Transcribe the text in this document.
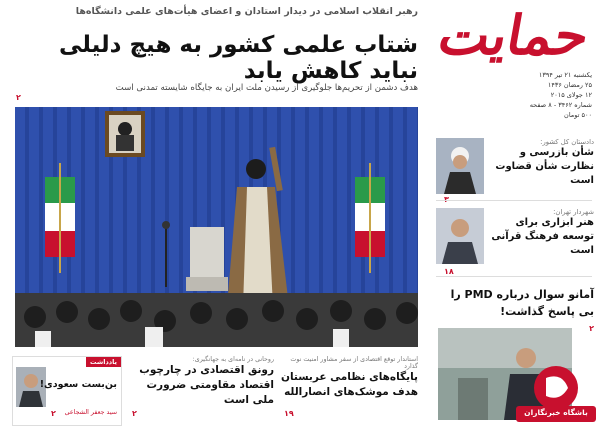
حمایت
یکشنبه ۲۱ تیر ۱۳۹۴
۲۵ رمضان ۱۴۳۶
۱۲ جولای ۲۰۱۵
شماره ۳۴۶۲ - ۸ صفحه
۵۰۰ تومان
رهبر انقلاب اسلامی در دیدار استادان و اعضای هیأت‌های علمی دانشگاه‌ها
شتاب علمی کشور به هیچ دلیلی نباید کاهش یابد
هدف دشمن از تحریم‌ها جلوگیری از رسیدن ملت ایران به جایگاه شایسته تمدنی است
۲
دادستان کل کشور:
شأن بازرسی و نظارت شأن قضاوت است
شهردار تهران:
هنر ابزاری برای توسعه فرهنگ قرآنی است
۱۸
آمانو سوال درباره PMD را بی پاسخ گذاشت!
۲
استاندار توقع اقتصادی از سفر مشاور امنیت نوت گذارد
پایگاه‌های نظامی عربستان هدف موشک‌های انصارالله
۱۹
روحانی در نامه‌ای به جهانگیری:
رونق اقتصادی در چارچوب اقتصاد مقاومتی ضرورت ملی است
۲
یادداشت
بن‌بست سعودی!
سید جعفر الشجاعی
۲	باشگاه خبرنگاران
